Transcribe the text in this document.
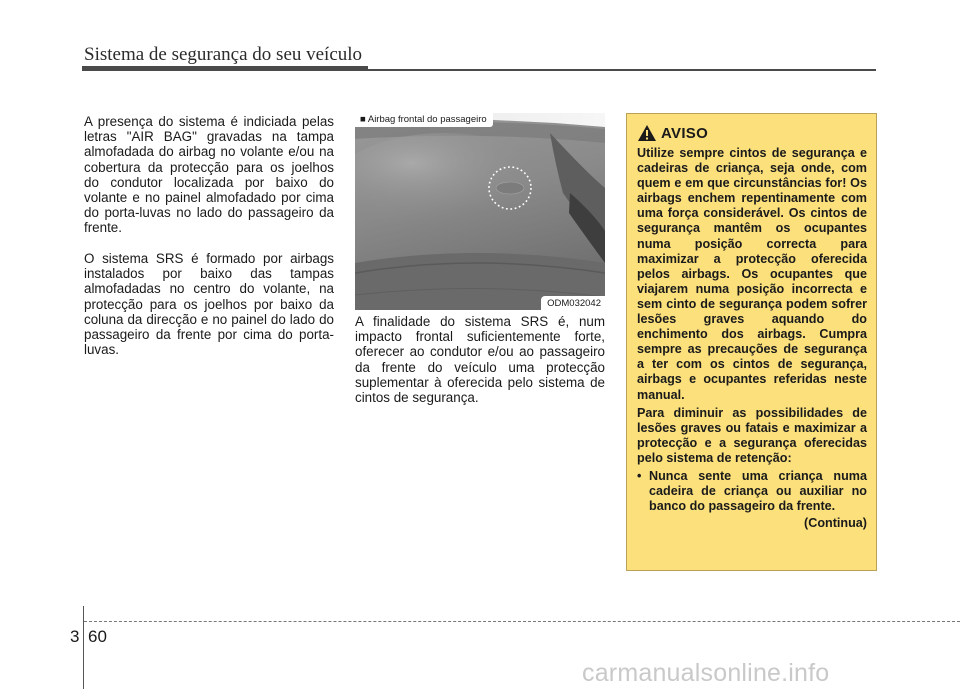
Sistema de segurança do seu veículo

A presença do sistema é indiciada pelas letras "AIR BAG" gravadas na tampa almofadada do airbag no volante e/ou na cobertura da protecção para os joelhos do condutor localizada por baixo do volante e no painel almofadado por cima do porta-luvas no lado do passageiro da frente.

O sistema SRS é formado por airbags instalados por baixo das tampas almofadadas no centro do volante, na protecção para os joelhos por baixo da coluna da direcção e no painel do lado do passageiro da frente por cima do porta-luvas.

■ Airbag frontal do passageiro
ODM032042

A finalidade do sistema SRS é, num impacto frontal suficientemente forte, oferecer ao condutor e/ou ao passageiro da frente do veículo uma protecção suplementar à oferecida pelo sistema de cintos de segurança.

AVISO

Utilize sempre cintos de segurança e cadeiras de criança, seja onde, com quem e em que circunstâncias for! Os airbags enchem repentinamente com uma força considerável. Os cintos de segurança mantêm os ocupantes numa posição correcta para maximizar a protecção oferecida pelos airbags. Os ocupantes que viajarem numa posição incorrecta e sem cinto de segurança podem sofrer lesões graves aquando do enchimento dos airbags. Cumpra sempre as precauções de segurança a ter com os cintos de segurança, airbags e ocupantes referidas neste manual.

Para diminuir as possibilidades de lesões graves ou fatais e maximizar a protecção e a segurança oferecidas pelo sistema de retenção:

• Nunca sente uma criança numa cadeira de criança ou auxiliar no banco do passageiro da frente.
(Continua)
3 60
carmanualsonline.info
